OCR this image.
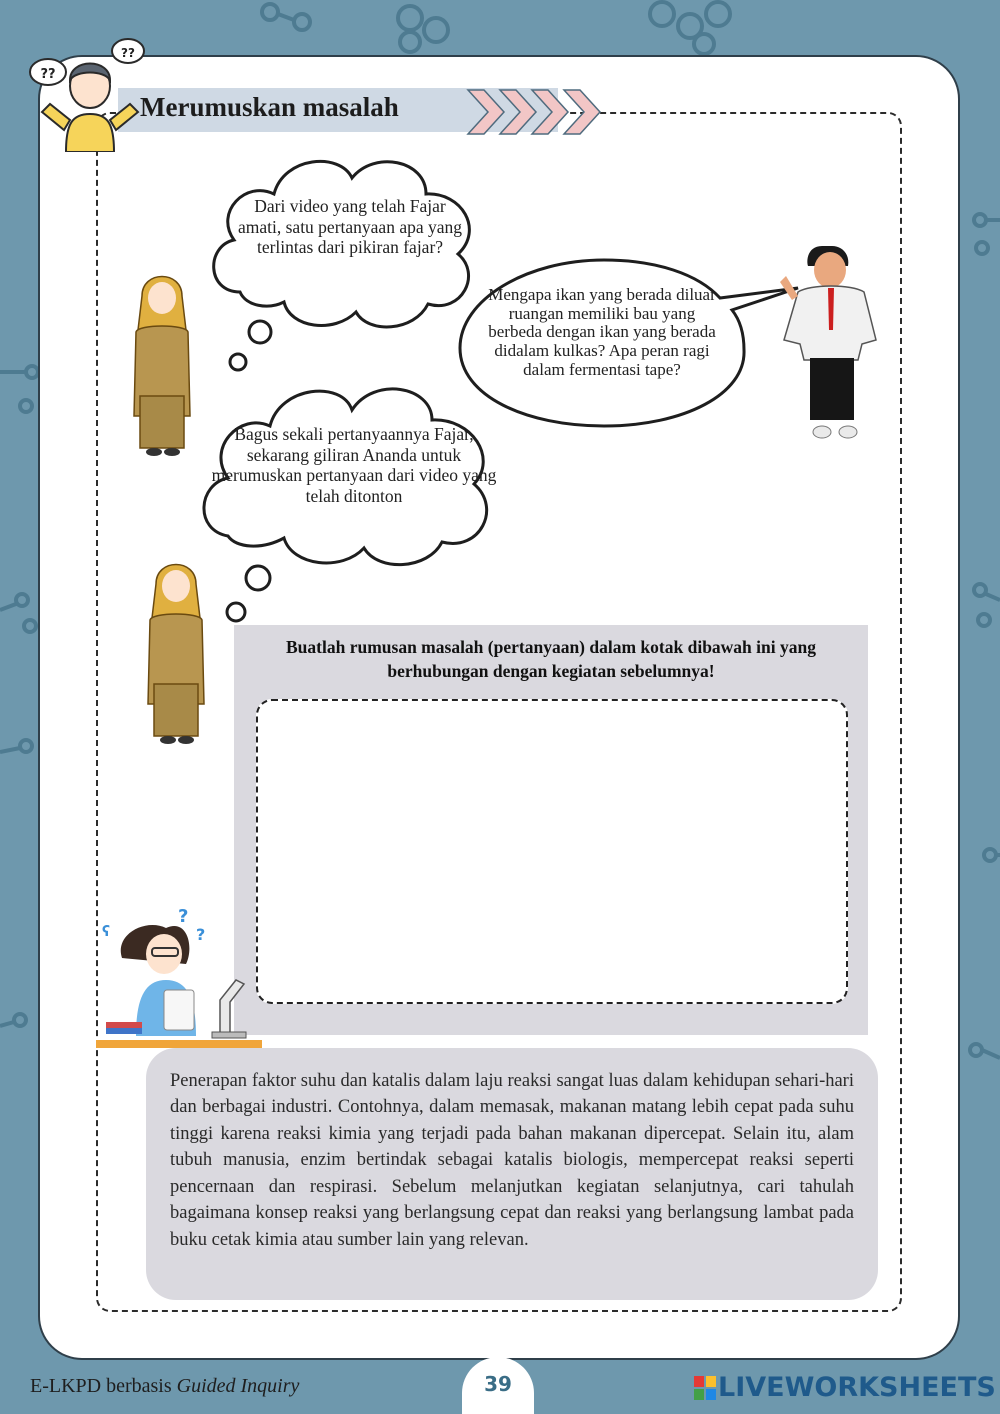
??
??
Merumuskan masalah
Dari video yang telah Fajar amati, satu pertanyaan apa yang terlintas dari pikiran fajar?
Mengapa ikan yang berada diluar ruangan memiliki bau yang berbeda dengan ikan yang berada didalam kulkas? Apa peran ragi dalam fermentasi tape?
Bagus sekali pertanyaannya Fajar, sekarang giliran Ananda untuk merumuskan pertanyaan dari video yang telah ditonton
Buatlah rumusan masalah (pertanyaan) dalam kotak dibawah ini yang berhubungan dengan kegiatan sebelumnya!
?
?
ʕ

Penerapan faktor suhu dan katalis dalam laju reaksi sangat luas dalam kehidupan sehari-hari dan berbagai industri. Contohnya, dalam memasak, makanan matang lebih cepat pada suhu tinggi karena reaksi kimia yang terjadi pada bahan makanan dipercepat. Selain itu, alam tubuh manusia, enzim bertindak sebagai katalis biologis, mempercepat reaksi seperti pencernaan dan respirasi. Sebelum melanjutkan kegiatan selanjutnya, cari tahulah bagaimana konsep reaksi yang berlangsung cepat dan reaksi yang berlangsung lambat pada buku cetak kimia atau sumber lain yang relevan.

E-LKPD berbasis Guided Inquiry	39	LIVEWORKSHEETS
